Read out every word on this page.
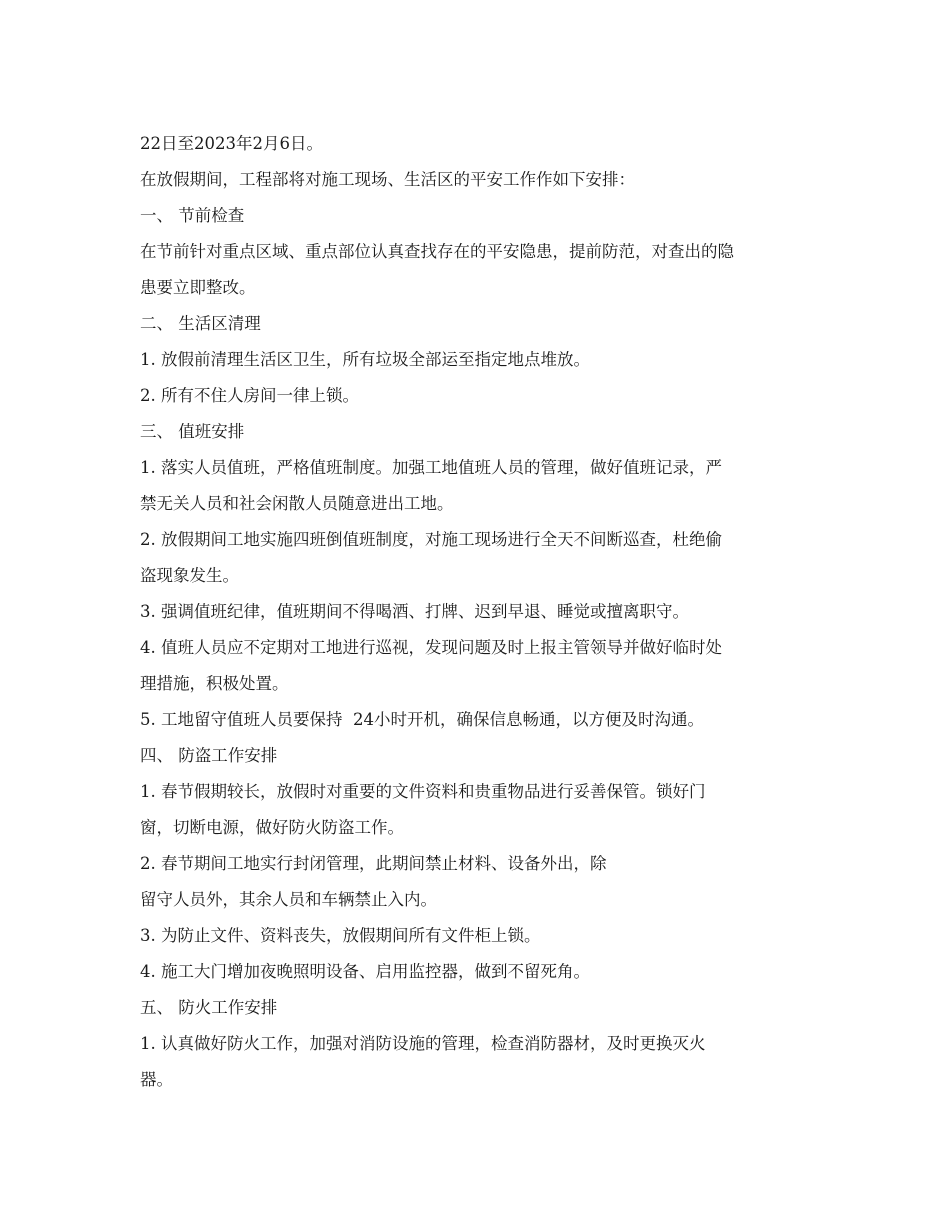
22日至2023年2月6日。
在放假期间，工程部将对施工现场、生活区的平安工作作如下安排：
一、 节前检查
在节前针对重点区域、重点部位认真查找存在的平安隐患，提前防范，对查出的隐
患要立即整改。
二、 生活区清理
1. 放假前清理生活区卫生，所有垃圾全部运至指定地点堆放。
2. 所有不住人房间一律上锁。
三、 值班安排
1. 落实人员值班，严格值班制度。加强工地值班人员的管理，做好值班记录，严
禁无关人员和社会闲散人员随意进出工地。
2. 放假期间工地实施四班倒值班制度，对施工现场进行全天不间断巡查，杜绝偷
盗现象发生。
3. 强调值班纪律，值班期间不得喝酒、打牌、迟到早退、睡觉或擅离职守。
4. 值班人员应不定期对工地进行巡视，发现问题及时上报主管领导并做好临时处
理措施，积极处置。
5. 工地留守值班人员要保持  24小时开机，确保信息畅通，以方便及时沟通。
四、 防盗工作安排
1. 春节假期较长，放假时对重要的文件资料和贵重物品进行妥善保管。锁好门
窗，切断电源，做好防火防盗工作。
2. 春节期间工地实行封闭管理，此期间禁止材料、设备外出，除
留守人员外，其余人员和车辆禁止入内。
3. 为防止文件、资料丧失，放假期间所有文件柜上锁。
4. 施工大门增加夜晚照明设备、启用监控器，做到不留死角。
五、 防火工作安排
1. 认真做好防火工作，加强对消防设施的管理，检查消防器材，及时更换灭火
器。
